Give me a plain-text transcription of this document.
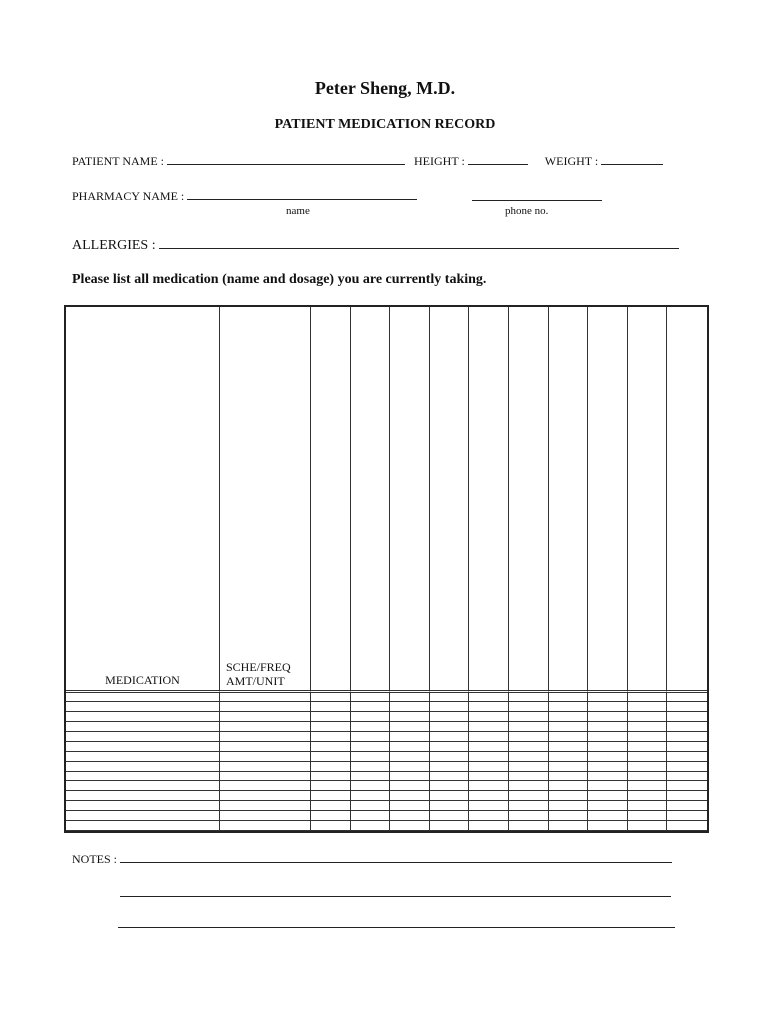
Peter Sheng, M.D.
PATIENT MEDICATION RECORD
PATIENT NAME :	HEIGHT :	WEIGHT :
PHARMACY NAME :
name	phone no.
ALLERGIES :
Please list all medication (name and dosage) you are currently taking.
MEDICATION	SCHE/FREQ
AMT/UNIT										

NOTES :
